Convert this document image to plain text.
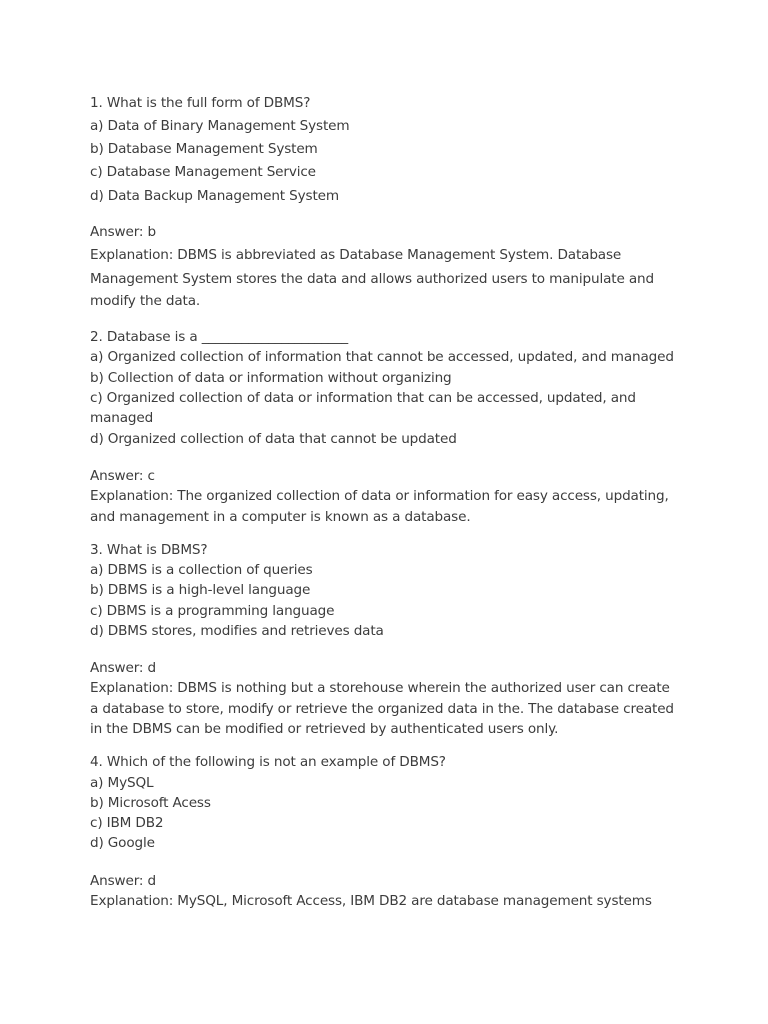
1. What is the full form of DBMS?
a) Data of Binary Management System
b) Database Management System
c) Database Management Service
d) Data Backup Management System
Answer: b
Explanation: DBMS is abbreviated as Database Management System. Database
Management System stores the data and allows authorized users to manipulate and
modify the data.
2. Database is a ______________________
a) Organized collection of information that cannot be accessed, updated, and managed
b) Collection of data or information without organizing
c) Organized collection of data or information that can be accessed, updated, and
managed
d) Organized collection of data that cannot be updated
Answer: c
Explanation: The organized collection of data or information for easy access, updating,
and management in a computer is known as a database.
3. What is DBMS?
a) DBMS is a collection of queries
b) DBMS is a high-level language
c) DBMS is a programming language
d) DBMS stores, modifies and retrieves data
Answer: d
Explanation: DBMS is nothing but a storehouse wherein the authorized user can create
a database to store, modify or retrieve the organized data in the. The database created
in the DBMS can be modified or retrieved by authenticated users only.
4. Which of the following is not an example of DBMS?
a) MySQL
b) Microsoft Acess
c) IBM DB2
d) Google
Answer: d
Explanation: MySQL, Microsoft Access, IBM DB2 are database management systems
